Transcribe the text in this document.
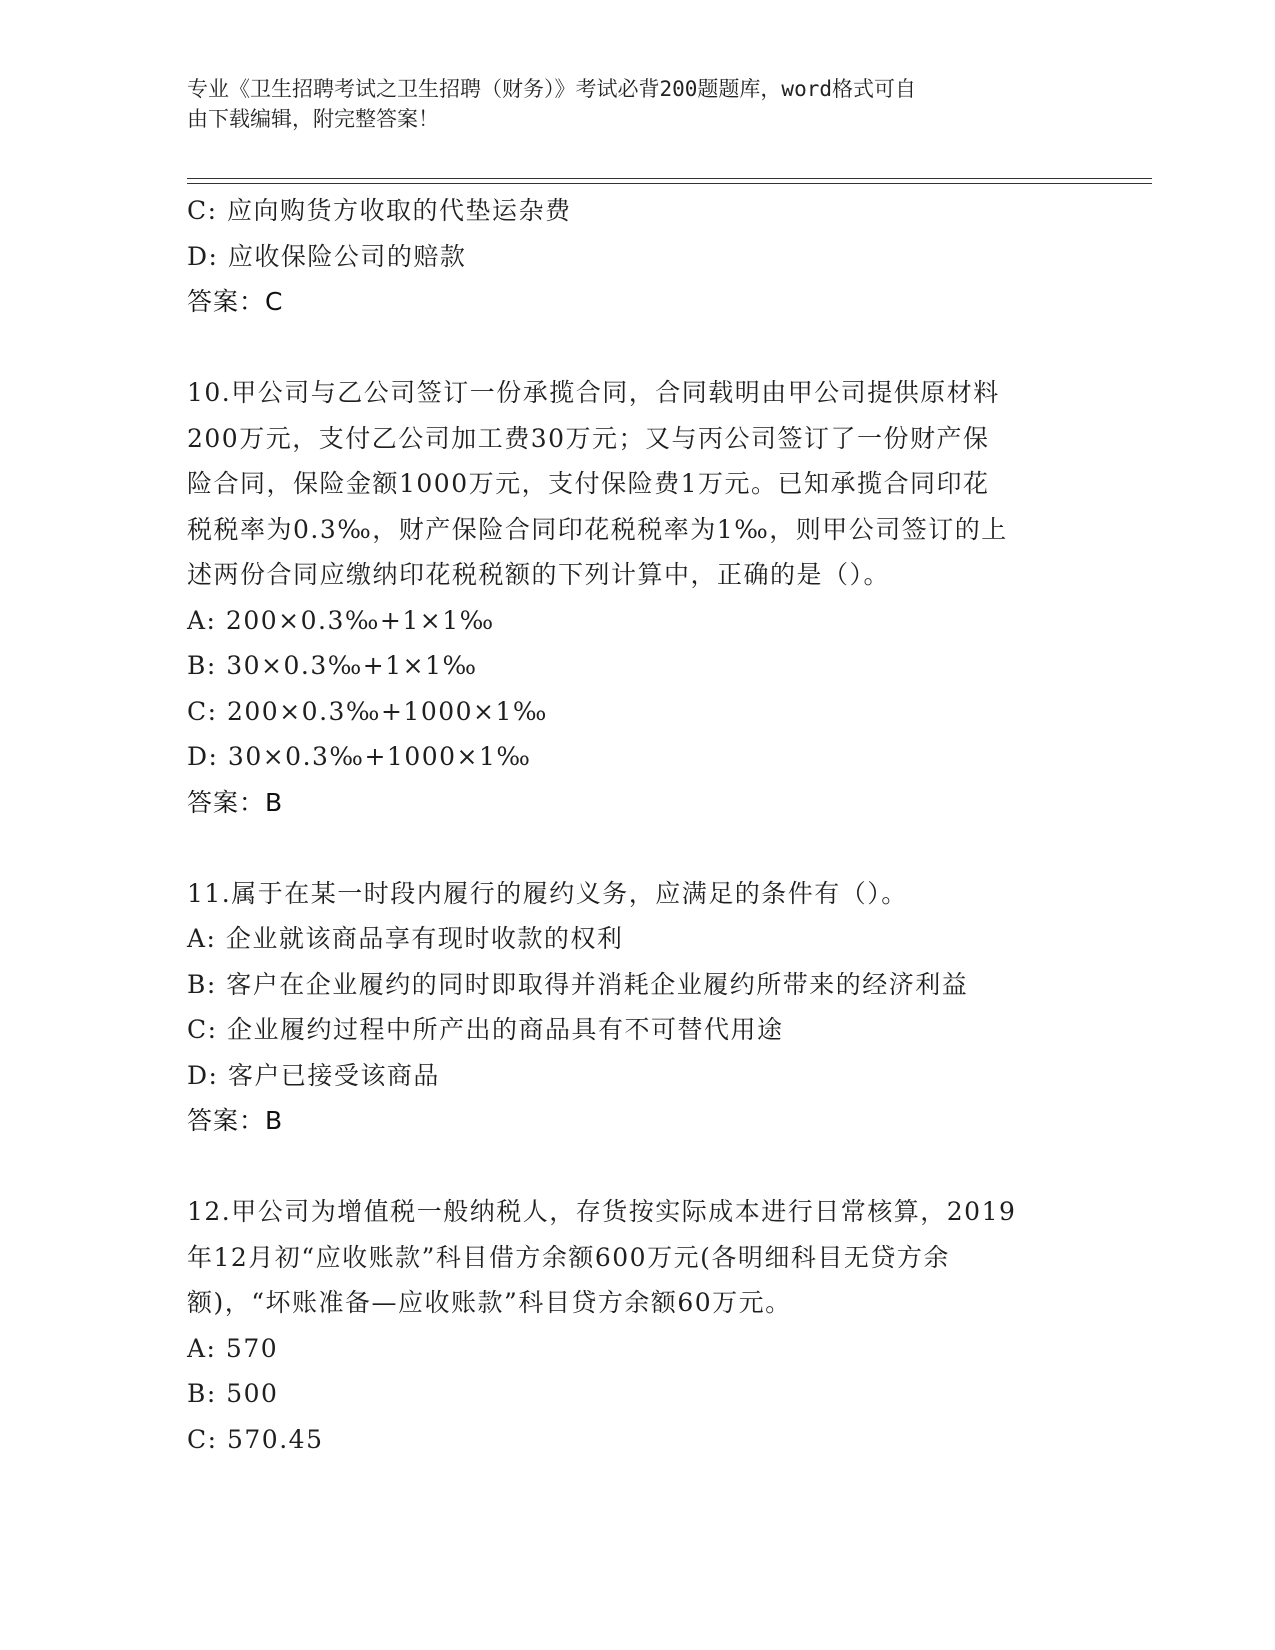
专业《卫生招聘考试之卫生招聘（财务）》考试必背200题题库，word格式可自
由下载编辑，附完整答案！
C: 应向购货方收取的代垫运杂费
D: 应收保险公司的赔款
答案：C
10.甲公司与乙公司签订一份承揽合同，合同载明由甲公司提供原材料
200万元，支付乙公司加工费30万元；又与丙公司签订了一份财产保
险合同，保险金额1000万元，支付保险费1万元。已知承揽合同印花
税税率为0.3‰，财产保险合同印花税税率为1‰，则甲公司签订的上
述两份合同应缴纳印花税税额的下列计算中，正确的是（）。
A: 200×0.3‰+1×1‰
B: 30×0.3‰+1×1‰
C: 200×0.3‰+1000×1‰
D: 30×0.3‰+1000×1‰
答案：B
11.属于在某一时段内履行的履约义务，应满足的条件有（）。
A: 企业就该商品享有现时收款的权利
B: 客户在企业履约的同时即取得并消耗企业履约所带来的经济利益
C: 企业履约过程中所产出的商品具有不可替代用途
D: 客户已接受该商品
答案：B
12.甲公司为增值税一般纳税人，存货按实际成本进行日常核算，2019
年12月初“应收账款”科目借方余额600万元(各明细科目无贷方余
额)，“坏账准备—应收账款”科目贷方余额60万元。
A: 570
B: 500
C: 570.45
